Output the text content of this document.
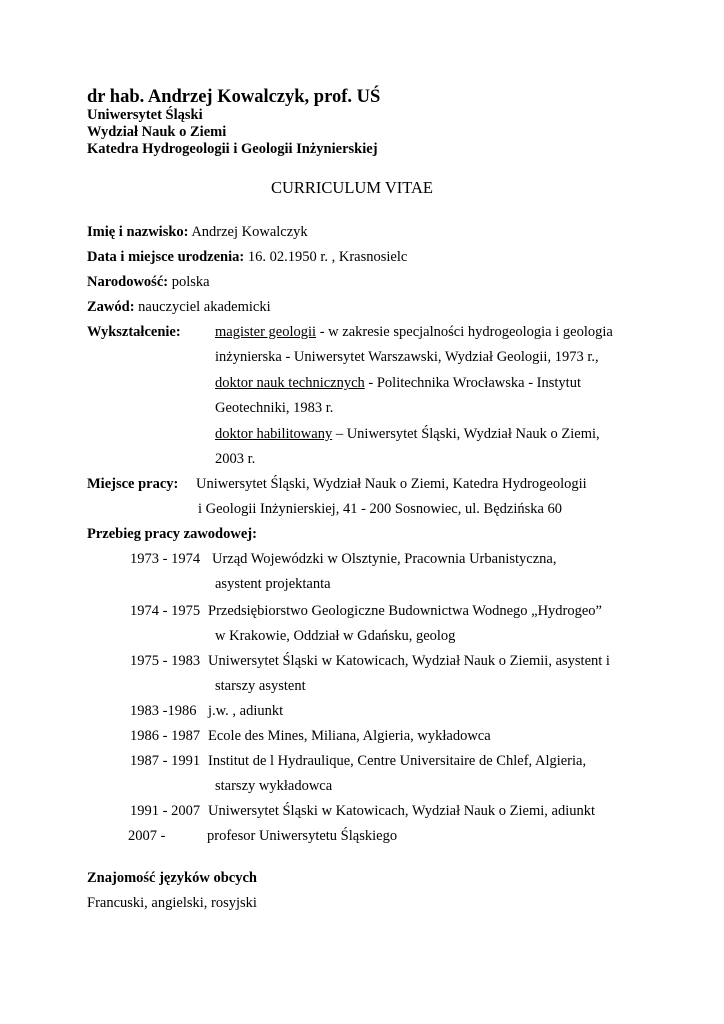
dr hab. Andrzej Kowalczyk, prof. UŚ
Uniwersytet Śląski
Wydział Nauk o Ziemi
Katedra Hydrogeologii i Geologii Inżynierskiej
CURRICULUM VITAE
Imię i nazwisko: Andrzej Kowalczyk
Data i miejsce urodzenia: 16. 02.1950 r. , Krasnosielc
Narodowość: polska
Zawód: nauczyciel akademicki
Wykształcenie: magister geologii - w zakresie specjalności hydrogeologia i geologia
inżynierska - Uniwersytet Warszawski, Wydział Geologii, 1973 r.,
doktor nauk technicznych - Politechnika Wrocławska - Instytut
Geotechniki, 1983 r.
doktor habilitowany – Uniwersytet Śląski, Wydział Nauk o Ziemi,
2003 r.
Miejsce pracy: Uniwersytet Śląski, Wydział Nauk o Ziemi, Katedra Hydrogeologii
i Geologii Inżynierskiej, 41 - 200 Sosnowiec, ul. Będzińska 60
Przebieg pracy zawodowej:
1973 - 1974 Urząd Wojewódzki w Olsztynie, Pracownia Urbanistyczna,
asystent projektanta
1974 - 1975 Przedsiębiorstwo Geologiczne Budownictwa Wodnego „Hydrogeo”
w Krakowie, Oddział w Gdańsku, geolog
1975 - 1983 Uniwersytet Śląski w Katowicach, Wydział Nauk o Ziemii, asystent i
starszy asystent
1983 -1986 j.w. , adiunkt
1986 - 1987 Ecole des Mines, Miliana, Algieria, wykładowca
1987 - 1991 Institut de l Hydraulique, Centre Universitaire de Chlef, Algieria,
starszy wykładowca
1991 - 2007 Uniwersytet Śląski w Katowicach, Wydział Nauk o Ziemi, adiunkt
2007 -	profesor Uniwersytetu Śląskiego
Znajomość języków obcych
Francuski, angielski, rosyjski
